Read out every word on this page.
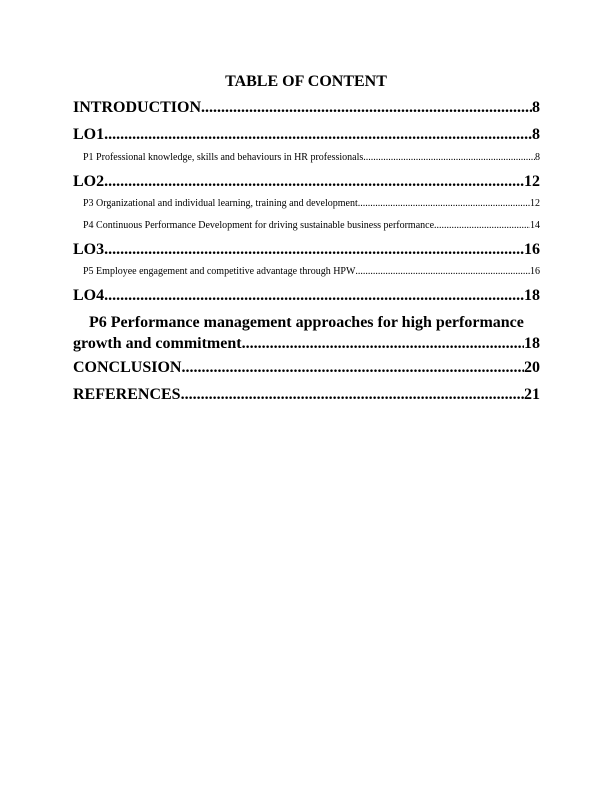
TABLE OF CONTENT
INTRODUCTION .....	8
LO1 .....	8
P1 Professional knowledge, skills and behaviours in HR professionals .....	8
LO2 .....	12
P3 Organizational and individual learning, training and development .....	12
P4 Continuous Performance Development for driving sustainable business performance .....	14
LO3 .....	16
P5 Employee engagement and competitive advantage through HPW .....	16
LO4 .....	18
P6 Performance management approaches for high performance
growth and commitment .....	18
CONCLUSION .....	20
REFERENCES .....	21
